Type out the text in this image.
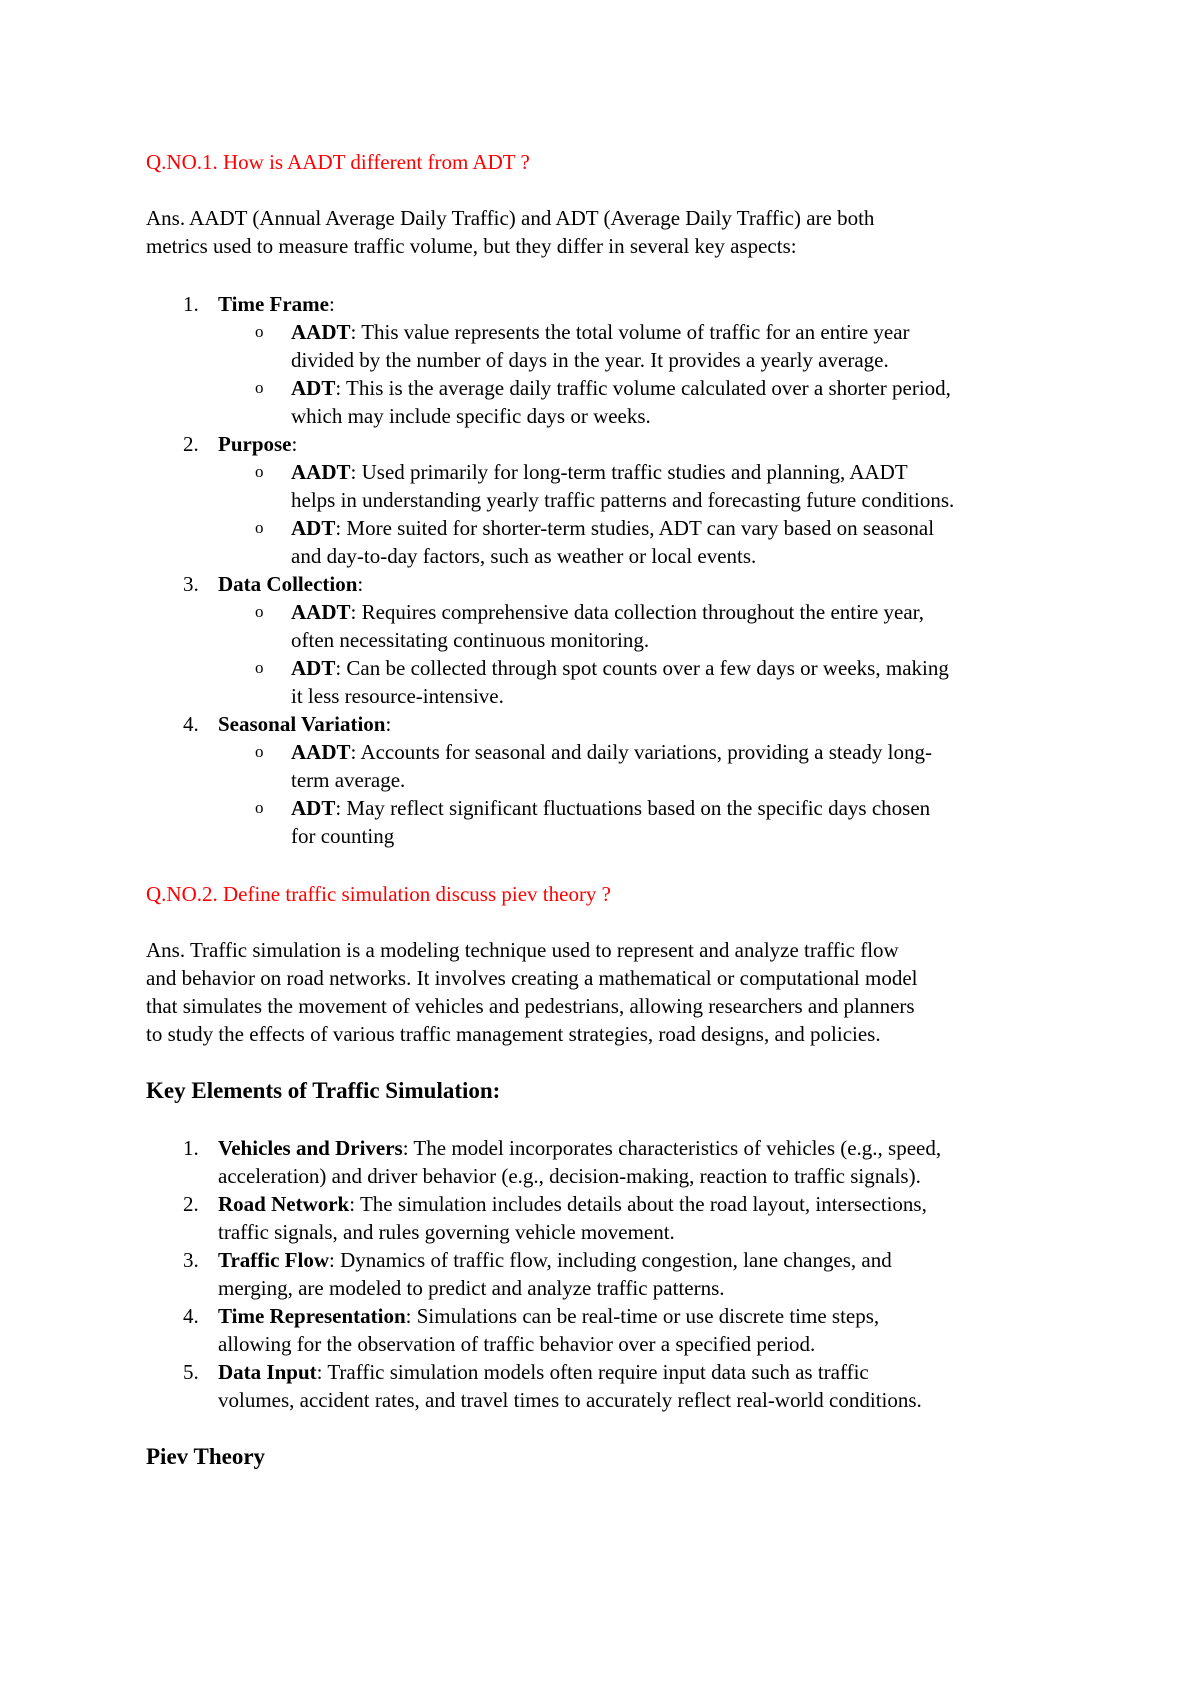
Q.NO.1. How is AADT different from ADT ?
Ans. AADT (Annual Average Daily Traffic) and ADT (Average Daily Traffic) are both
metrics used to measure traffic volume, but they differ in several key aspects:
1. Time Frame:
o AADT: This value represents the total volume of traffic for an entire year
divided by the number of days in the year. It provides a yearly average.
o ADT: This is the average daily traffic volume calculated over a shorter period,
which may include specific days or weeks.
2. Purpose:
o AADT: Used primarily for long-term traffic studies and planning, AADT
helps in understanding yearly traffic patterns and forecasting future conditions.
o ADT: More suited for shorter-term studies, ADT can vary based on seasonal
and day-to-day factors, such as weather or local events.
3. Data Collection:
o AADT: Requires comprehensive data collection throughout the entire year,
often necessitating continuous monitoring.
o ADT: Can be collected through spot counts over a few days or weeks, making
it less resource-intensive.
4. Seasonal Variation:
o AADT: Accounts for seasonal and daily variations, providing a steady long-
term average.
o ADT: May reflect significant fluctuations based on the specific days chosen
for counting
Q.NO.2. Define traffic simulation discuss piev theory ?
Ans. Traffic simulation is a modeling technique used to represent and analyze traffic flow
and behavior on road networks. It involves creating a mathematical or computational model
that simulates the movement of vehicles and pedestrians, allowing researchers and planners
to study the effects of various traffic management strategies, road designs, and policies.
Key Elements of Traffic Simulation:
1. Vehicles and Drivers: The model incorporates characteristics of vehicles (e.g., speed,
acceleration) and driver behavior (e.g., decision-making, reaction to traffic signals).
2. Road Network: The simulation includes details about the road layout, intersections,
traffic signals, and rules governing vehicle movement.
3. Traffic Flow: Dynamics of traffic flow, including congestion, lane changes, and
merging, are modeled to predict and analyze traffic patterns.
4. Time Representation: Simulations can be real-time or use discrete time steps,
allowing for the observation of traffic behavior over a specified period.
5. Data Input: Traffic simulation models often require input data such as traffic
volumes, accident rates, and travel times to accurately reflect real-world conditions.
Piev Theory
